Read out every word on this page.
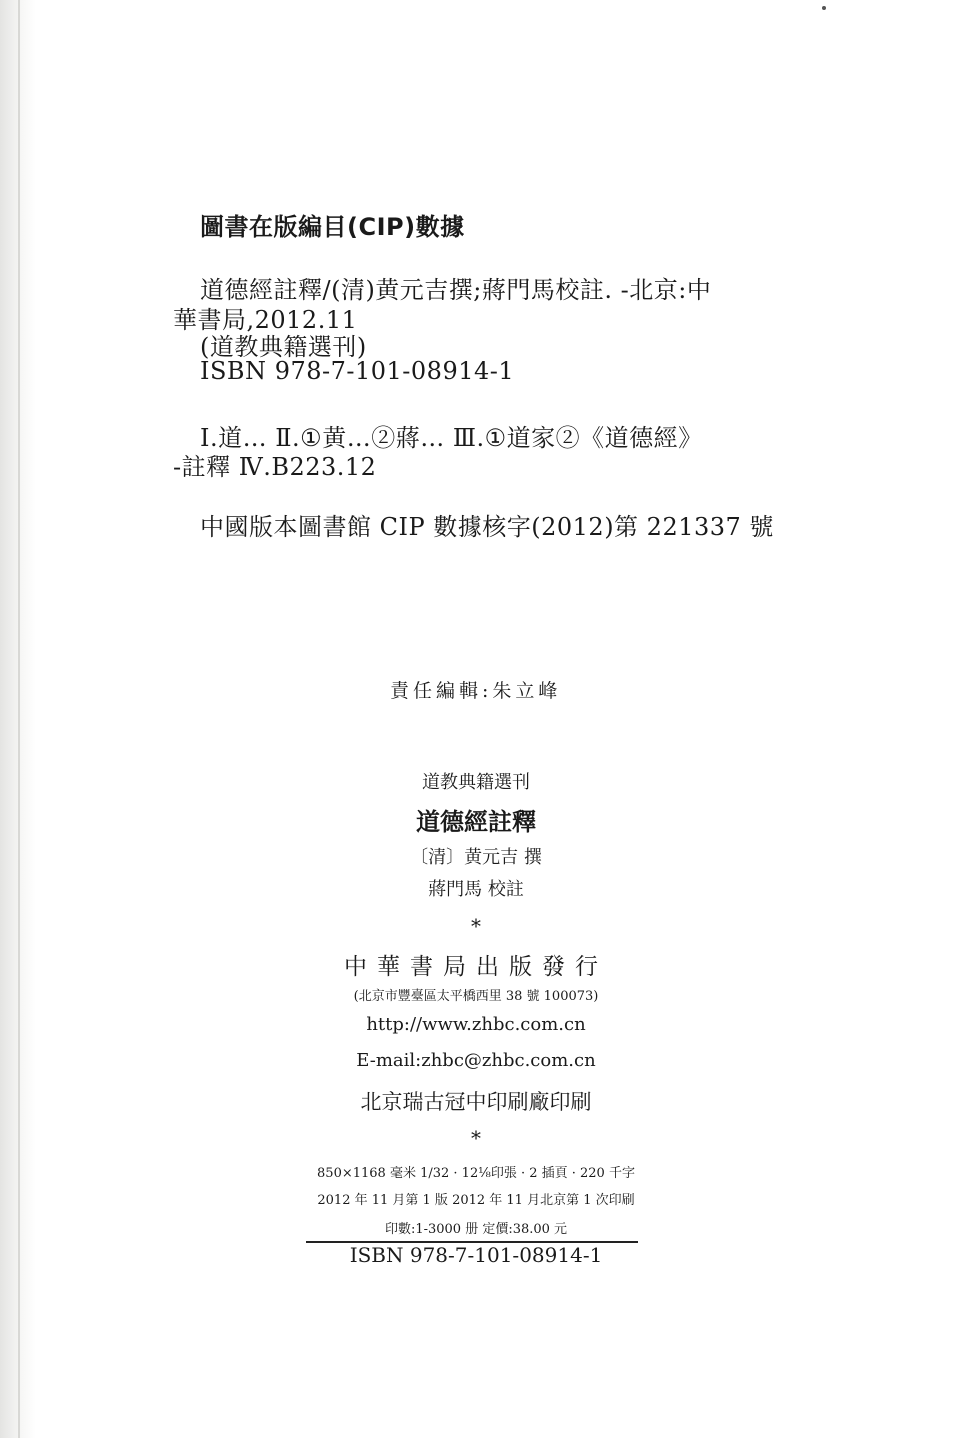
圖書在版編目(CIP)數據
道德經註釋/(清)黄元吉撰;蔣門馬校註. -北京:中
華書局,2012.11
(道教典籍選刊)
ISBN 978-7-101-08914-1
Ⅰ.道… Ⅱ.①黄…②蔣… Ⅲ.①道家②《道德經》
-註釋 Ⅳ.B223.12
中國版本圖書館 CIP 數據核字(2012)第 221337 號
責任編輯:朱立峰
道教典籍選刊
道德經註釋
〔清〕黄元吉 撰
蔣門馬 校註
*
中華書局出版發行
(北京市豐臺區太平橋西里 38 號 100073)
http://www.zhbc.com.cn
E-mail:zhbc@zhbc.com.cn
北京瑞古冠中印刷廠印刷
*
850×1168 毫米 1/32 · 12⅛印張 · 2 插頁 · 220 千字
2012 年 11 月第 1 版 2012 年 11 月北京第 1 次印刷
印數:1-3000 册 定價:38.00 元
ISBN 978-7-101-08914-1
